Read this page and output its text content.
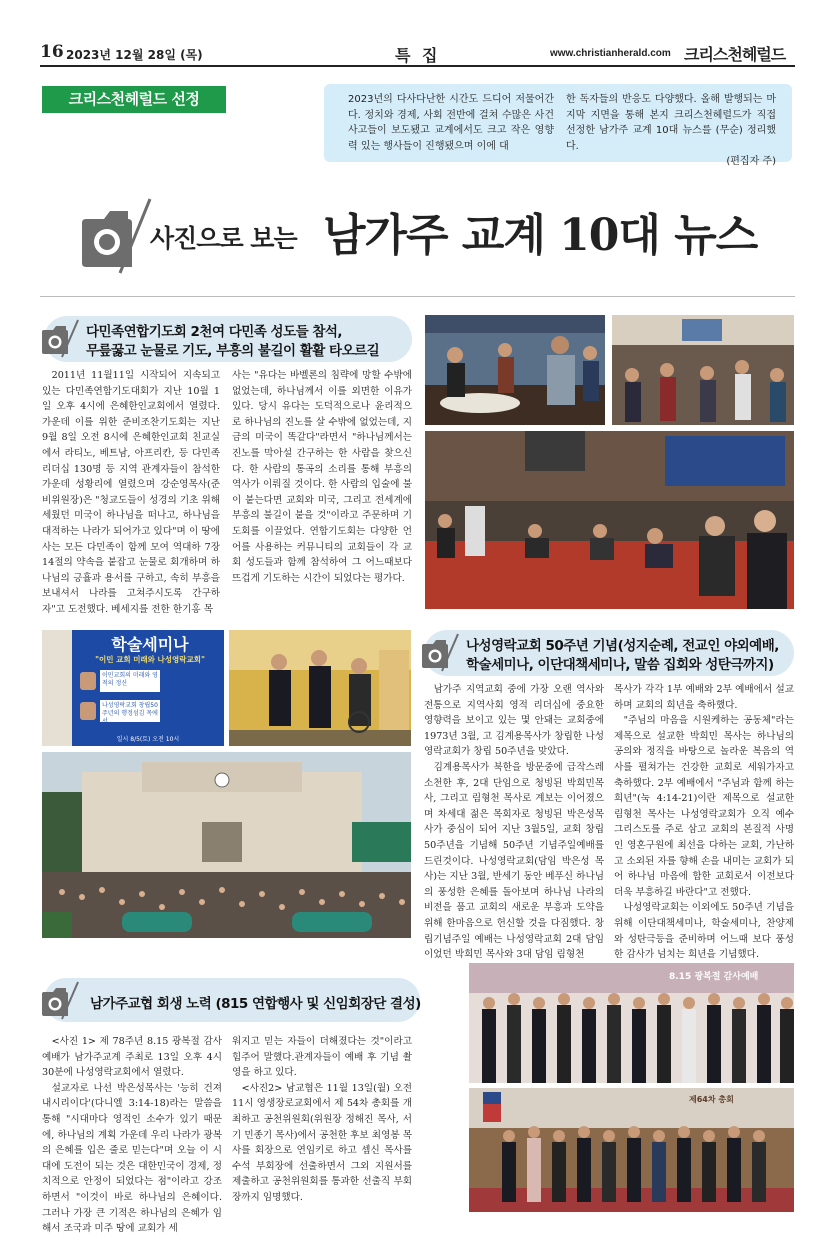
16 2023년 12월 28일 (목)	특 집	www.christianherald.com 크리스천헤럴드
크리스천헤럴드 선정	2023년의 다사다난한 시간도 드디어 저물어간다. 정치와 경제, 사회 전반에 걸쳐 수많은 사건 사고들이 보도됐고 교계에서도 크고 작은 영향력 있는 행사들이 진행됐으며 이에 대
한 독자들의 반응도 다양했다. 올해 발행되는 마지막 지면을 통해 본지 크리스천헤럴드가 직접 선정한 남가주 교계 10대 뉴스를 (무순) 정리했다.
(편집자 주)
사진으로 보는 남가주 교계 10대 뉴스
다민족연합기도회 2천여 다민족 성도들 참석,
무릎꿇고 눈물로 기도, 부흥의 불길이 활활 타오르길

2011년 11월11일 시작되어 지속되고 있는 다민족연합기도대회가 지난 10월 1일 오후 4시에 은혜한인교회에서 열렸다. 가운데 이를 위한 준비조찬기도회는 지난 9월 8일 오전 8시에 은혜한인교회 친교실에서 라티노, 베트남, 아프리칸, 등 다민족 리더십 130명 등 지역 관계자들이 참석한 가운데 성황리에 열렸으며 강순영목사(준비위원장)은 "청교도들이 성경의 기초 위해 세웠던 미국이 하나님을 떠나고, 하나님을 대적하는 나라가 되어가고 있다"며 이 땅에 사는 모든 다민족이 함께 모여 역대하 7장 14절의 약속을 붙잡고 눈물로 회개하며 하나님의 긍휼과 용서를 구하고, 속히 부흥을 보내셔서 나라를 고쳐주시도록 간구하자"고 도전했다. 베세지를 전한 한기홍 목

사는 "유다는 바벨론의 침략에 망할 수밖에 없었는데, 하나님께서 이를 외면한 이유가 있다. 당시 유다는 도덕적으로나 윤리적으로 하나님의 진노를 살 수밖에 없었는데, 지금의 미국이 똑같다"라면서 "하나님께서는 진노를 막아설 간구하는 한 사람을 찾으신다. 한 사람의 통곡의 소리를 통해 부흥의 역사가 이뤄질 것이다. 한 사람의 입술에 불이 붙는다면 교회와 미국, 그리고 전세계에 부흥의 불길이 붙을 것"이라고 주문하며 기도회를 이끌었다. 연합기도회는 다양한 언어를 사용하는 커뮤니티의 교회들이 각 교회 성도들과 함께 참석하여 그 어느때보다 뜨겁게 기도하는 시간이 되었다는 평가다.

학술세미나
"이민 교회 미래와 나성영락교회"
이민교회의 미래와 영적의 정신
나성영락교회 창립50주년의 행정섬김 목에서
일시 8/5(토) 오전 10시
나성영락교회 50주년 기념(성지순례, 전교인 야외예배,
학술세미나, 이단대책세미나, 말씀 집회와 성탄극까지)

남가주 지역교회 중에 가장 오랜 역사와 전통으로 지역사회 영적 리더십에 중요한 영향력을 보이고 있는 몇 안돼는 교회중에 1973년 3월, 고 김계용목사가 창립한 나성영락교회가 창립 50주년을 맞았다.

김계용목사가 북한을 방문중에 급작스레 소천한 후, 2대 단임으로 청빙된 박희민목사, 그리고 림형천 목사로 계보는 이어졌으며 차세대 젊은 목회자로 청빙된 박은성목사가 중심이 되어 지난 3월5일, 교회 창립 50주년을 기념해 50주년 기념주일예배를 드린것이다. 나성영락교회(담임 박은성 목사)는 지난 3월, 반세기 동안 베푸신 하나님의 풍성한 은혜를 돌아보며 하나님 나라의 비전을 품고 교회의 새로운 부흥과 도약을 위해 한마음으로 헌신할 것을 다짐했다. 창립기념주일 예배는 나성영락교회 2대 담임이었던 박희민 목사와 3대 담임 림형천

목사가 각각 1부 예배와 2부 예배에서 설교하며 교회의 희년을 축하했다.

"주님의 마음을 시원케하는 공동체"라는 제목으로 설교한 박희민 목사는 하나님의 공의와 정직을 바탕으로 놀라운 복음의 역사를 펼쳐가는 건강한 교회로 세워가자고 축하했다. 2부 예배에서 "주님과 함께 하는 희년"(눅 4:14-21)이란 제목으로 설교한 림형천 목사는 나성영락교회가 오직 예수 그리스도를 주로 삼고 교회의 본질적 사명인 영혼구원에 최선을 다하는 교회, 가난하고 소외된 자를 향해 손을 내미는 교회가 되어 하나님 마음에 합한 교회로서 이전보다 더욱 부흥하길 바란다"고 전했다.

나성영락교회는 이외에도 50주년 기념을 위해 이단대책세미나, 학술세미나, 찬양제와 성탄극등을 준비하며 어느때 보다 풍성한 감사가 넘치는 희년을 기념했다.

남가주교협 회생 노력 (815 연합행사 및 신임회장단 결성)

<사진 1> 제 78주년 8.15 광복절 감사예배가 남가주교계 주최로 13일 오후 4시 30분에 나성영락교회에서 열렸다.

설교자로 나선 박은성목사는 '능히 건져 내시리이다'(다니엘 3:14-18)라는 말씀을 통해 "시대마다 영적인 소수가 있기 때문에, 하나님의 계획 가운데 우리 나라가 광복의 은혜를 입은 줄로 믿는다"며 오늘 이 시대에 도전이 되는 것은 대한민국이 경제, 정치적으로 안정이 되었다는 점"이라고 강조하면서 "이것이 바로 하나님의 은혜이다. 그러나 가장 큰 기적은 하나님의 은혜가 임해서 조국과 미주 땅에 교회가 세

워지고 믿는 자들이 더해졌다는 것"이라고 힘주어 말했다.관계자들이 예배 후 기념 촬영을 하고 있다.

<사진2> 남교협은 11월 13일(월) 오전 11시 영생장로교회에서 제 54차 총회를 개최하고 공천위원회(위원장 정해진 목사, 서기 민종기 목사)에서 공천한 후보 최영봉 목사를 회장으로 연임키로 하고 셈신 목사를 수석 부회장에 선출하면서 그외 지원서를 제출하고 공천위원회를 통과한 선출직 부회장까지 임명했다.

8.15 광복절 감사예배
제64차 총회
